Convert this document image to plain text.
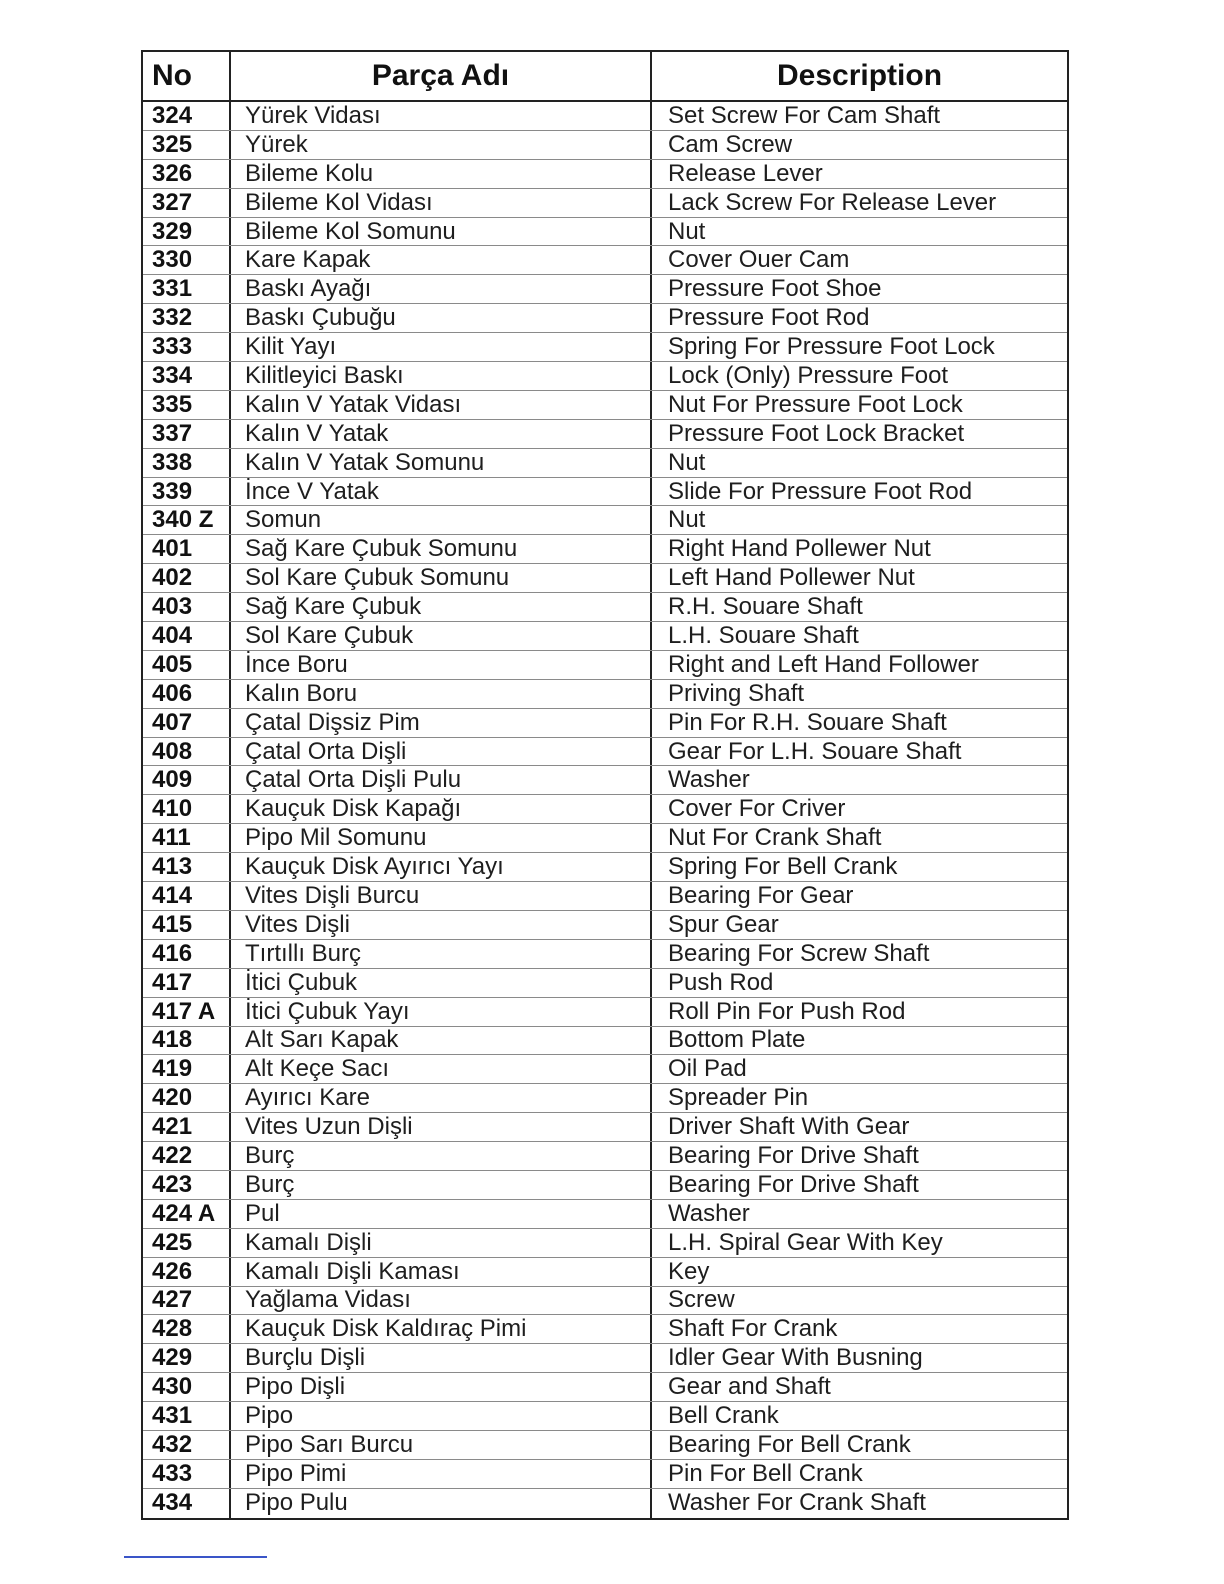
No	Parça Adı	Description
324	Yürek Vidası	Set Screw For Cam Shaft
325	Yürek	Cam Screw
326	Bileme Kolu	Release Lever
327	Bileme Kol Vidası	Lack Screw For Release Lever
329	Bileme Kol Somunu	Nut
330	Kare Kapak	Cover Ouer Cam
331	Baskı Ayağı	Pressure Foot Shoe
332	Baskı Çubuğu	Pressure Foot Rod
333	Kilit Yayı	Spring For Pressure Foot Lock
334	Kilitleyici Baskı	Lock (Only) Pressure Foot
335	Kalın V Yatak Vidası	Nut For Pressure Foot Lock
337	Kalın V Yatak	Pressure Foot Lock Bracket
338	Kalın V Yatak Somunu	Nut
339	İnce V Yatak	Slide For Pressure Foot Rod
340 Z	Somun	Nut
401	Sağ Kare Çubuk Somunu	Right Hand Pollewer Nut
402	Sol Kare Çubuk Somunu	Left Hand Pollewer Nut
403	Sağ Kare Çubuk	R.H. Souare Shaft
404	Sol Kare Çubuk	L.H. Souare Shaft
405	İnce Boru	Right and Left Hand Follower
406	Kalın Boru	Priving Shaft
407	Çatal Dişsiz Pim	Pin For R.H. Souare Shaft
408	Çatal Orta Dişli	Gear For L.H. Souare Shaft
409	Çatal Orta Dişli Pulu	Washer
410	Kauçuk Disk Kapağı	Cover For Criver
411	Pipo Mil Somunu	Nut For Crank Shaft
413	Kauçuk Disk Ayırıcı Yayı	Spring For Bell Crank
414	Vites Dişli Burcu	Bearing For Gear
415	Vites Dişli	Spur Gear
416	Tırtıllı Burç	Bearing For Screw Shaft
417	İtici Çubuk	Push Rod
417 A	İtici Çubuk Yayı	Roll Pin For Push Rod
418	Alt Sarı Kapak	Bottom Plate
419	Alt Keçe Sacı	Oil Pad
420	Ayırıcı Kare	Spreader Pin
421	Vites Uzun Dişli	Driver Shaft With Gear
422	Burç	Bearing For Drive Shaft
423	Burç	Bearing For Drive Shaft
424 A	Pul	Washer
425	Kamalı Dişli	L.H. Spiral Gear With Key
426	Kamalı Dişli Kaması	Key
427	Yağlama Vidası	Screw
428	Kauçuk Disk Kaldıraç Pimi	Shaft For Crank
429	Burçlu Dişli	Idler Gear With Busning
430	Pipo Dişli	Gear and Shaft
431	Pipo	Bell Crank
432	Pipo Sarı Burcu	Bearing For Bell Crank
433	Pipo Pimi	Pin For Bell Crank
434	Pipo Pulu	Washer For Crank Shaft
